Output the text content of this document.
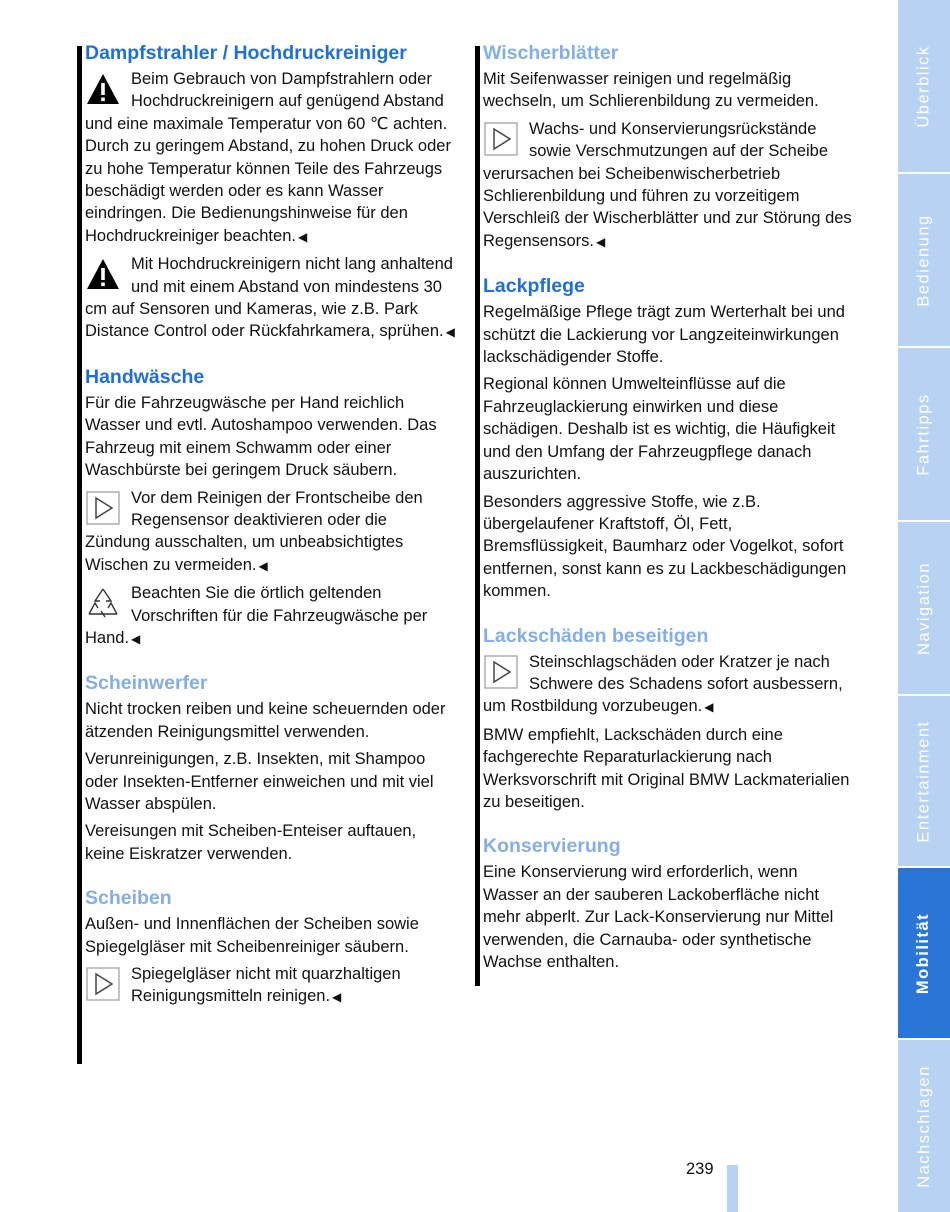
Dampfstrahler / Hochdruckreiniger
Beim Gebrauch von Dampfstrahlern oder Hochdruckreinigern auf genügend Abstand und eine maximale Temperatur von 60 ℃ achten. Durch zu geringem Abstand, zu hohen Druck oder zu hohe Temperatur können Teile des Fahrzeugs beschädigt werden oder es kann Wasser eindringen. Die Bedienungshinweise für den Hochdruckreiniger beachten. ◀
Mit Hochdruckreinigern nicht lang anhaltend und mit einem Abstand von mindestens 30 cm auf Sensoren und Kameras, wie z.B. Park Distance Control oder Rückfahrkamera, sprühen. ◀
Handwäsche

Für die Fahrzeugwäsche per Hand reichlich Wasser und evtl. Autoshampoo verwenden. Das Fahrzeug mit einem Schwamm oder einer Waschbürste bei geringem Druck säubern.

Vor dem Reinigen der Frontscheibe den Regensensor deaktivieren oder die Zündung ausschalten, um unbeabsichtigtes Wischen zu vermeiden. ◀
Beachten Sie die örtlich geltenden Vorschriften für die Fahrzeugwäsche per Hand. ◀
Scheinwerfer

Nicht trocken reiben und keine scheuernden oder ätzenden Reinigungsmittel verwenden.

Verunreinigungen, z.B. Insekten, mit Shampoo oder Insekten-Entferner einweichen und mit viel Wasser abspülen.

Vereisungen mit Scheiben-Enteiser auftauen, keine Eiskratzer verwenden.

Scheiben

Außen- und Innenflächen der Scheiben sowie Spiegelgläser mit Scheibenreiniger säubern.

Spiegelgläser nicht mit quarzhaltigen Reinigungsmitteln reinigen. ◀
Wischerblätter

Mit Seifenwasser reinigen und regelmäßig wechseln, um Schlierenbildung zu vermeiden.

Wachs- und Konservierungsrückstände sowie Verschmutzungen auf der Scheibe verursachen bei Scheibenwischerbetrieb Schlierenbildung und führen zu vorzeitigem Verschleiß der Wischerblätter und zur Störung des Regensensors. ◀
Lackpflege

Regelmäßige Pflege trägt zum Werterhalt bei und schützt die Lackierung vor Langzeiteinwirkungen lackschädigender Stoffe.

Regional können Umwelteinflüsse auf die Fahrzeuglackierung einwirken und diese schädigen. Deshalb ist es wichtig, die Häufigkeit und den Umfang der Fahrzeugpflege danach auszurichten.

Besonders aggressive Stoffe, wie z.B. übergelaufener Kraftstoff, Öl, Fett, Bremsflüssigkeit, Baumharz oder Vogelkot, sofort entfernen, sonst kann es zu Lackbeschädigungen kommen.

Lackschäden beseitigen
Steinschlagschäden oder Kratzer je nach Schwere des Schadens sofort ausbessern, um Rostbildung vorzubeugen. ◀

BMW empfiehlt, Lackschäden durch eine fachgerechte Reparaturlackierung nach Werksvorschrift mit Original BMW Lackmaterialien zu beseitigen.

Konservierung

Eine Konservierung wird erforderlich, wenn Wasser an der sauberen Lackoberfläche nicht mehr abperlt. Zur Lack-Konservierung nur Mittel verwenden, die Carnauba- oder synthetische Wachse enthalten.

Überblick
Bedienung
Fahrtipps
Navigation
Entertainment
Mobilität
Nachschlagen
239
